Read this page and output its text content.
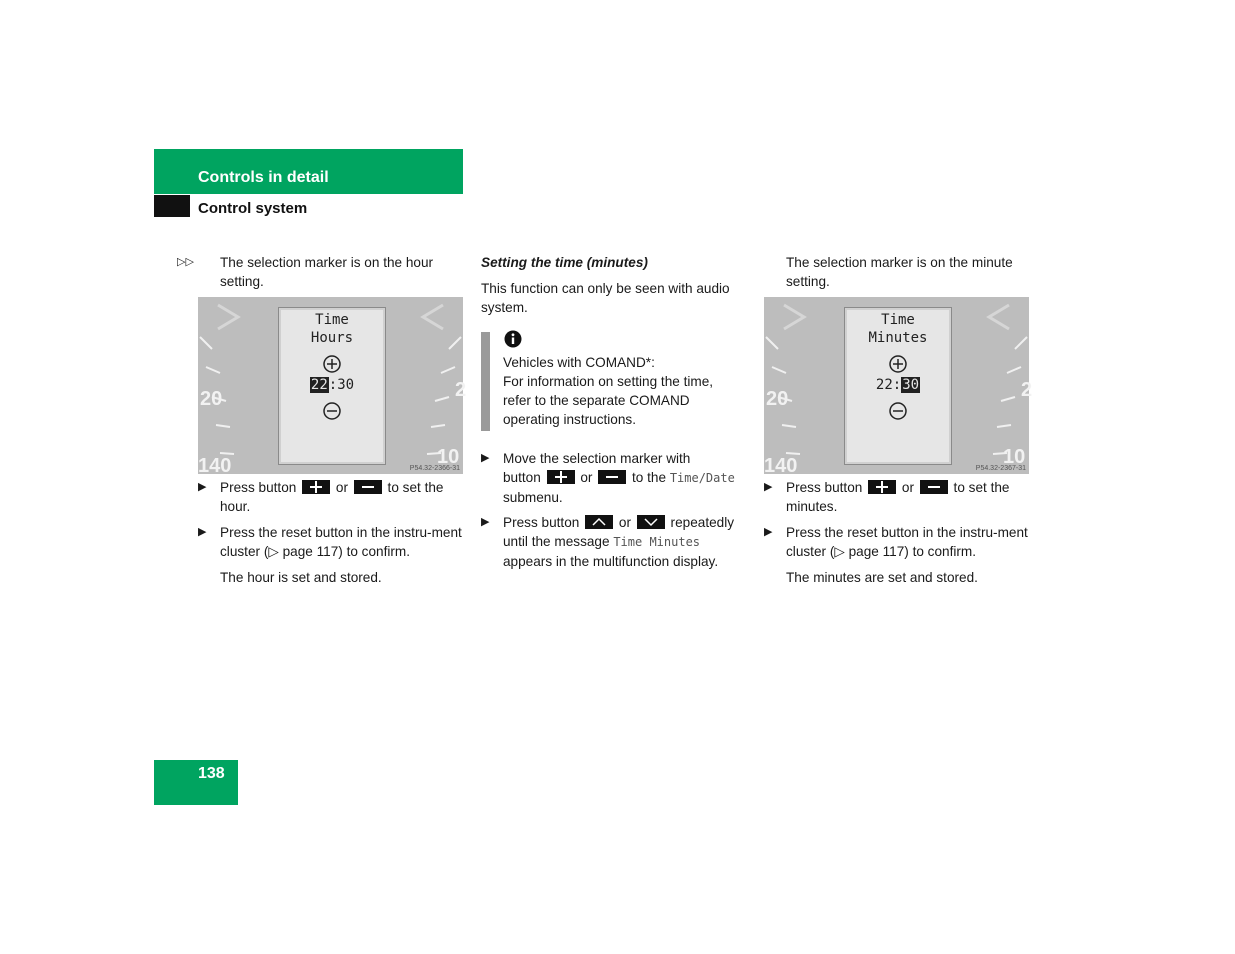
Controls in detail
Control system
▷▷ The selection marker is on the hour setting.
20
140
2
10
Time
Hours
22:30
P54.32-2366-31
▶ Press button	or	to set the hour.
▶ Press the reset button in the instru-ment cluster (▷ page 117) to confirm.
The hour is set and stored.
Setting the time (minutes)
This function can only be seen with audio system.
Vehicles with COMAND*:
For information on setting the time,
refer to the separate COMAND
operating instructions.
▶ Move the selection marker with
button	or	to the Time/Date
submenu.
▶ Press button	or	repeatedly
until the message Time Minutes
appears in the multifunction display.
The selection marker is on the minute setting.
20
140
2
10
Time
Minutes
22:30
P54.32-2367-31
▶ Press button	or	to set the minutes.
▶ Press the reset button in the instru-ment cluster (▷ page 117) to confirm.
The minutes are set and stored.
138
